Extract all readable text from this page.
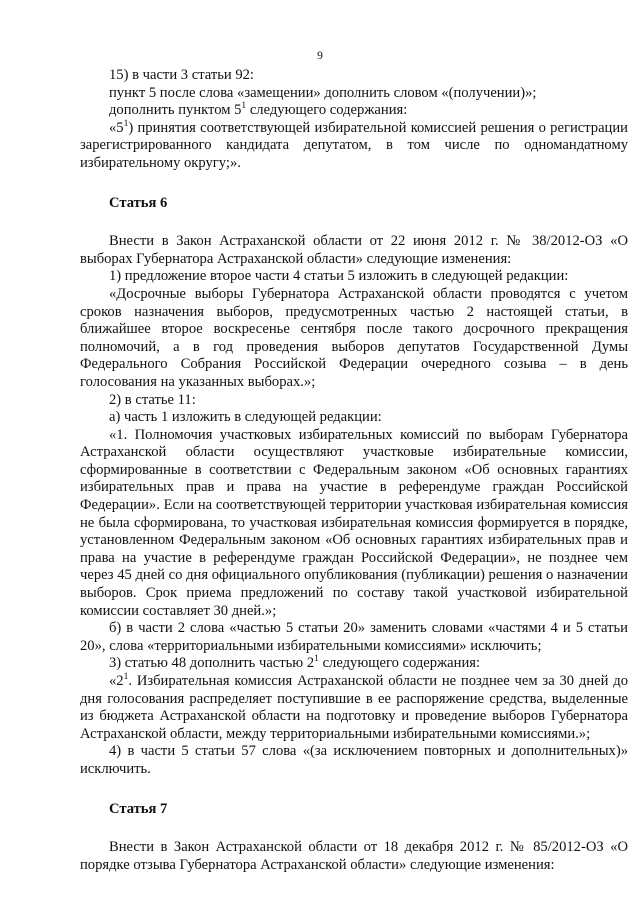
9

15) в части 3 статьи 92:

пункт 5 после слова «замещении» дополнить словом «(получении)»;

дополнить пунктом $5^1$ следующего содержания:

«$5^1$) принятия соответствующей избирательной комиссией решения о регистрации зарегистрированного кандидата депутатом, в том числе по одномандатному избирательному округу;».

Статья 6

Внести в Закон Астраханской области от 22 июня 2012 г. № 38/2012-ОЗ «О выборах Губернатора Астраханской области» следующие изменения:

1) предложение второе части 4 статьи 5 изложить в следующей редакции:

«Досрочные выборы Губернатора Астраханской области проводятся с учетом сроков назначения выборов, предусмотренных частью 2 настоящей статьи, в ближайшее второе воскресенье сентября после такого досрочного прекращения полномочий, а в год проведения выборов депутатов Государственной Думы Федерального Собрания Российской Федерации очередного созыва – в день голосования на указанных выборах.»;

2) в статье 11:

а) часть 1 изложить в следующей редакции:

«1. Полномочия участковых избирательных комиссий по выборам Губернатора Астраханской области осуществляют участковые избирательные комиссии, сформированные в соответствии с Федеральным законом «Об основных гарантиях избирательных прав и права на участие в референдуме граждан Российской Федерации». Если на соответствующей территории участковая избирательная комиссия не была сформирована, то участковая избирательная комиссия формируется в порядке, установленном Федеральным законом «Об основных гарантиях избирательных прав и права на участие в референдуме граждан Российской Федерации», не позднее чем через 45 дней со дня официального опубликования (публикации) решения о назначении выборов. Срок приема предложений по составу такой участковой избирательной комиссии составляет 30 дней.»;

б) в части 2 слова «частью 5 статьи 20» заменить словами «частями 4 и 5 статьи 20», слова «территориальными избирательными комиссиями» исключить;

3) статью 48 дополнить частью $2^1$ следующего содержания:

«$2^1$. Избирательная комиссия Астраханской области не позднее чем за 30 дней до дня голосования распределяет поступившие в ее распоряжение средства, выделенные из бюджета Астраханской области на подготовку и проведение выборов Губернатора Астраханской области, между территориальными избирательными комиссиями.»;

4) в части 5 статьи 57 слова «(за исключением повторных и дополнительных)» исключить.

Статья 7

Внести в Закон Астраханской области от 18 декабря 2012 г. № 85/2012-ОЗ «О порядке отзыва Губернатора Астраханской области» следующие изменения:
